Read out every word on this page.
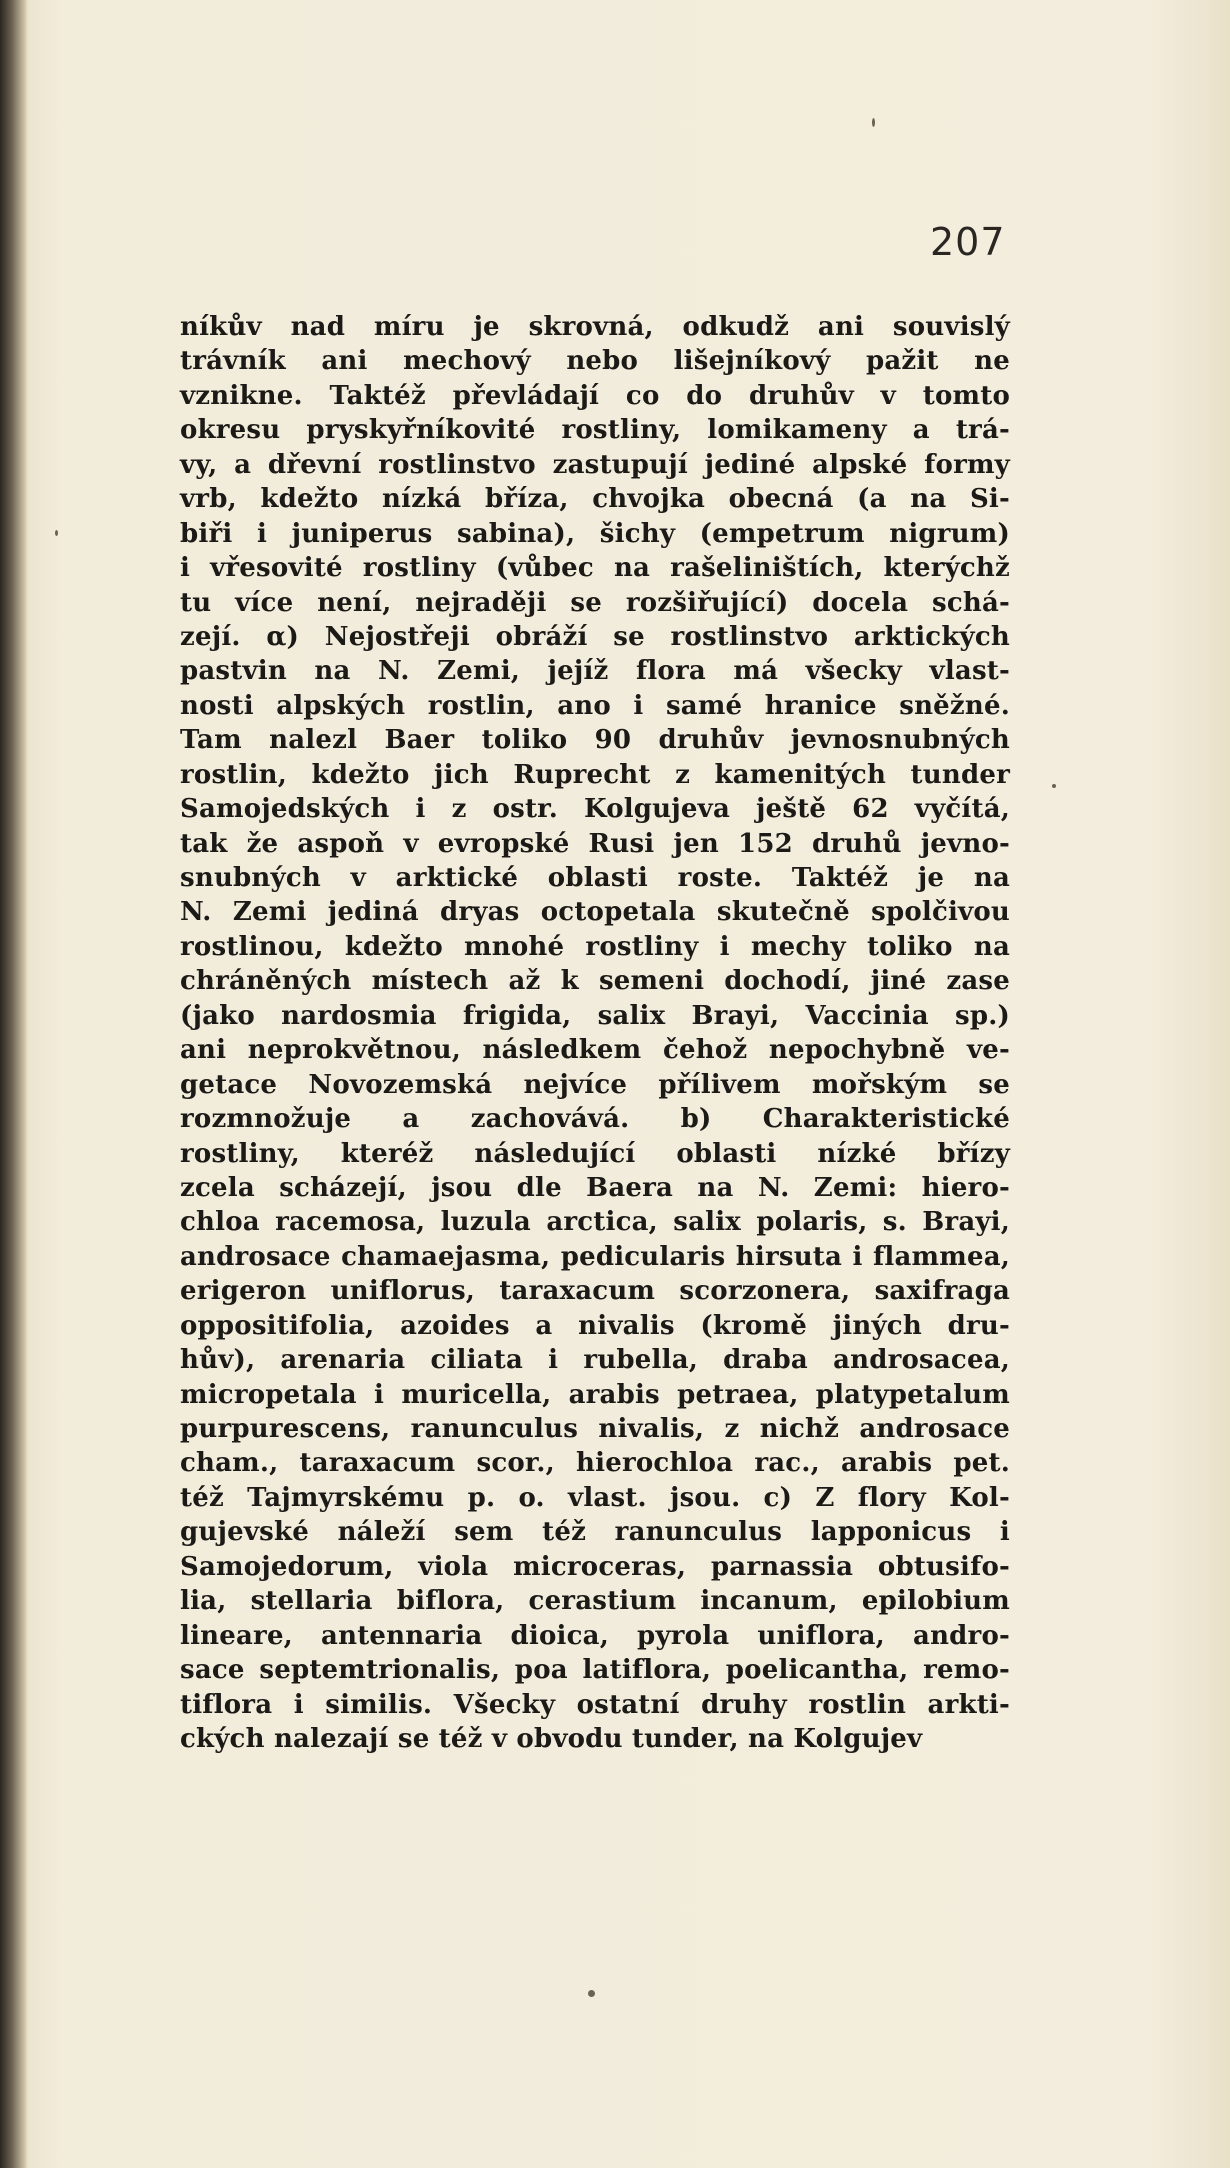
207
níkův nad míru je skrovná, odkudž ani souvislý
trávník ani mechový nebo lišejníkový pažit ne
vznikne. Taktéž převládají co do druhův v tomto
okresu pryskyřníkovité rostliny, lomikameny a trá-
vy, a dřevní rostlinstvo zastupují jediné alpské formy
vrb, kdežto nízká bříza, chvojka obecná (a na Si-
biři i juniperus sabina), šichy (empetrum nigrum)
i vřesovité rostliny (vůbec na rašeliništích, kterýchž
tu více není, nejraději se rozšiřující) docela schá-
zejí. α) Nejostřeji obráží se rostlinstvo arktických
pastvin na N. Zemi, jejíž flora má všecky vlast-
nosti alpských rostlin, ano i samé hranice sněžné.
Tam nalezl Baer toliko 90 druhův jevnosnubných
rostlin, kdežto jich Ruprecht z kamenitých tunder
Samojedských i z ostr. Kolgujeva ještě 62 vyčítá,
tak že aspoň v evropské Rusi jen 152 druhů jevno-
snubných v arktické oblasti roste. Taktéž je na
N. Zemi jediná dryas octopetala skutečně spolčivou
rostlinou, kdežto mnohé rostliny i mechy toliko na
chráněných místech až k semeni dochodí, jiné zase
(jako nardosmia frigida, salix Brayi, Vaccinia sp.)
ani neprokvětnou, následkem čehož nepochybně ve-
getace Novozemská nejvíce přílivem mořským se
rozmnožuje a zachovává. b) Charakteristické
rostliny, kteréž následující oblasti nízké břízy
zcela scházejí, jsou dle Baera na N. Zemi: hiero-
chloa racemosa, luzula arctica, salix polaris, s. Brayi,
androsace chamaejasma, pedicularis hirsuta i flammea,
erigeron uniflorus, taraxacum scorzonera, saxifraga
oppositifolia, azoides a nivalis (kromě jiných dru-
hův), arenaria ciliata i rubella, draba androsacea,
micropetala i muricella, arabis petraea, platypetalum
purpurescens, ranunculus nivalis, z nichž androsace
cham., taraxacum scor., hierochloa rac., arabis pet.
též Tajmyrskému p. o. vlast. jsou. c) Z flory Kol-
gujevské náleží sem též ranunculus lapponicus i
Samojedorum, viola microceras, parnassia obtusifo-
lia, stellaria biflora, cerastium incanum, epilobium
lineare, antennaria dioica, pyrola uniflora, andro-
sace septemtrionalis, poa latiflora, poelicantha, remo-
tiflora i similis. Všecky ostatní druhy rostlin arkti-
ckých nalezají se též v obvodu tunder, na Kolgujev
